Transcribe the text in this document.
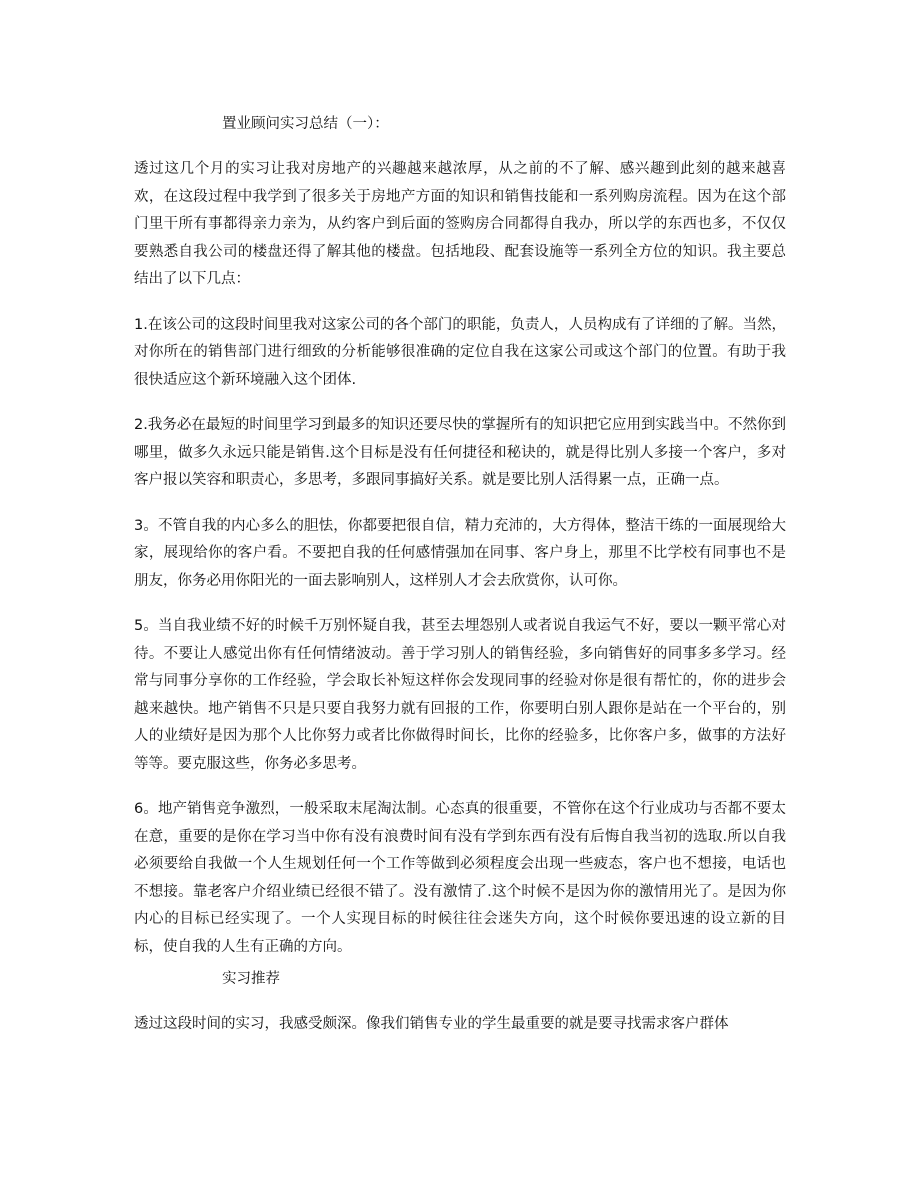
置业顾问实习总结（一）：
透过这几个月的实习让我对房地产的兴趣越来越浓厚，从之前的不了解、感兴趣到此刻的越来越喜欢，在这段过程中我学到了很多关于房地产方面的知识和销售技能和一系列购房流程。因为在这个部门里干所有事都得亲力亲为，从约客户到后面的签购房合同都得自我办，所以学的东西也多，不仅仅要熟悉自我公司的楼盘还得了解其他的楼盘。包括地段、配套设施等一系列全方位的知识。我主要总结出了以下几点：
1.在该公司的这段时间里我对这家公司的各个部门的职能，负责人，人员构成有了详细的了解。当然，对你所在的销售部门进行细致的分析能够很准确的定位自我在这家公司或这个部门的位置。有助于我很快适应这个新环境融入这个团体.
2.我务必在最短的时间里学习到最多的知识还要尽快的掌握所有的知识把它应用到实践当中。不然你到哪里，做多久永远只能是销售.这个目标是没有任何捷径和秘诀的，就是得比别人多接一个客户，多对客户报以笑容和职责心，多思考，多跟同事搞好关系。就是要比别人活得累一点，正确一点。
3。不管自我的内心多么的胆怯，你都要把很自信，精力充沛的，大方得体，整洁干练的一面展现给大家，展现给你的客户看。不要把自我的任何感情强加在同事、客户身上，那里不比学校有同事也不是朋友，你务必用你阳光的一面去影响别人，这样别人才会去欣赏你，认可你。
5。当自我业绩不好的时候千万别怀疑自我，甚至去埋怨别人或者说自我运气不好，要以一颗平常心对待。不要让人感觉出你有任何情绪波动。善于学习别人的销售经验，多向销售好的同事多多学习。经常与同事分享你的工作经验，学会取长补短这样你会发现同事的经验对你是很有帮忙的，你的进步会越来越快。地产销售不只是只要自我努力就有回报的工作，你要明白别人跟你是站在一个平台的，别人的业绩好是因为那个人比你努力或者比你做得时间长，比你的经验多，比你客户多，做事的方法好等等。要克服这些，你务必多思考。
6。地产销售竞争激烈，一般采取末尾淘汰制。心态真的很重要，不管你在这个行业成功与否都不要太在意，重要的是你在学习当中你有没有浪费时间有没有学到东西有没有后悔自我当初的选取.所以自我必须要给自我做一个人生规划任何一个工作等做到必须程度会出现一些疲态，客户也不想接，电话也不想接。靠老客户介绍业绩已经很不错了。没有激情了.这个时候不是因为你的激情用光了。是因为你内心的目标已经实现了。一个人实现目标的时候往往会迷失方向，这个时候你要迅速的设立新的目标，使自我的人生有正确的方向。
实习推荐
透过这段时间的实习，我感受颇深。像我们销售专业的学生最重要的就是要寻找需求客户群体
